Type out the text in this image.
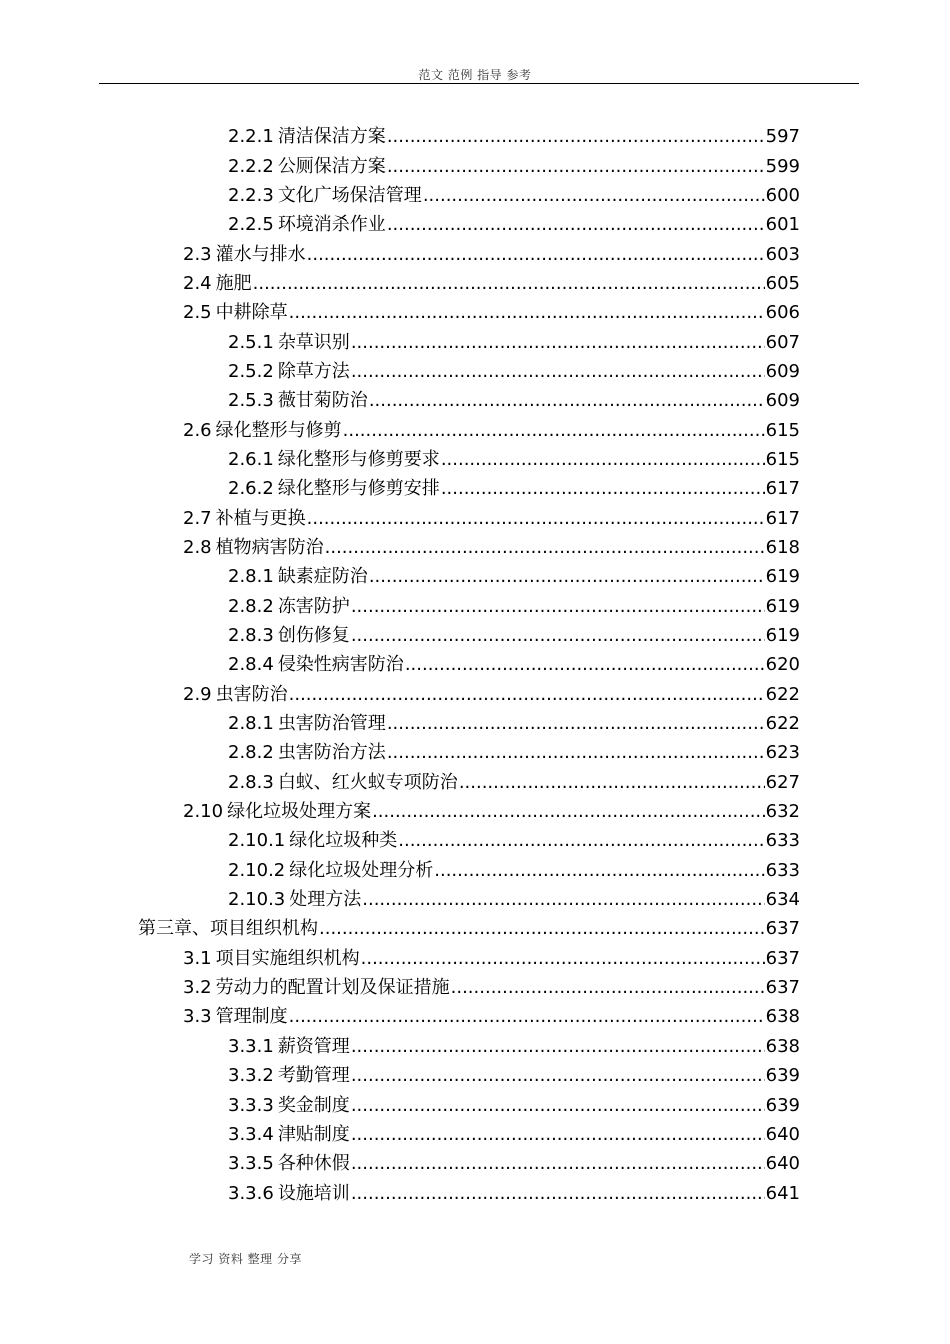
范文 范例 指导 参考
2.2.1 清洁保洁方案 .....	597
2.2.2 公厕保洁方案 .....	599
2.2.3 文化广场保洁管理 .....	600
2.2.5 环境消杀作业 .....	601
2.3 灌水与排水 .....	603
2.4 施肥 .....	605
2.5 中耕除草 .....	606
2.5.1 杂草识别 .....	607
2.5.2 除草方法 .....	609
2.5.3 薇甘菊防治 .....	609
2.6 绿化整形与修剪 .....	615
2.6.1 绿化整形与修剪要求 .....	615
2.6.2 绿化整形与修剪安排 .....	617
2.7 补植与更换 .....	617
2.8 植物病害防治 .....	618
2.8.1 缺素症防治 .....	619
2.8.2 冻害防护 .....	619
2.8.3 创伤修复 .....	619
2.8.4 侵染性病害防治 .....	620
2.9 虫害防治 .....	622
2.8.1 虫害防治管理 .....	622
2.8.2 虫害防治方法 .....	623
2.8.3 白蚁、红火蚁专项防治 .....	627
2.10 绿化垃圾处理方案 .....	632
2.10.1 绿化垃圾种类 .....	633
2.10.2 绿化垃圾处理分析 .....	633
2.10.3 处理方法 .....	634
第三章、项目组织机构 .....	637
3.1 项目实施组织机构 .....	637
3.2 劳动力的配置计划及保证措施 .....	637
3.3 管理制度 .....	638
3.3.1 薪资管理 .....	638
3.3.2 考勤管理 .....	639
3.3.3 奖金制度 .....	639
3.3.4 津贴制度 .....	640
3.3.5 各种休假 .....	640
3.3.6 设施培训 .....	641
学习 资料 整理 分享
